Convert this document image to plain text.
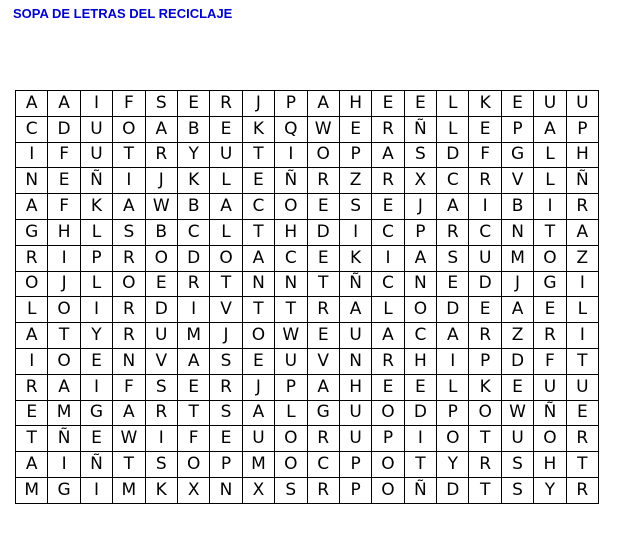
SOPA DE LETRAS DEL RECICLAJE
A	A	I	F	S	E	R	J	P	A	H	E	E	L	K	E	U	U
C	D	U	O	A	B	E	K	Q	W	E	R	Ñ	L	E	P	A	P
I	F	U	T	R	Y	U	T	I	O	P	A	S	D	F	G	L	H
N	E	Ñ	I	J	K	L	E	Ñ	R	Z	R	X	C	R	V	L	Ñ
A	F	K	A	W	B	A	C	O	E	S	E	J	A	I	B	I	R
G	H	L	S	B	C	L	T	H	D	I	C	P	R	C	N	T	A
R	I	P	R	O	D	O	A	C	E	K	I	A	S	U	M	O	Z
O	J	L	O	E	R	T	N	N	T	Ñ	C	N	E	D	J	G	I
L	O	I	R	D	I	V	T	T	R	A	L	O	D	E	A	E	L
A	T	Y	R	U	M	J	O	W	E	U	A	C	A	R	Z	R	I
I	O	E	N	V	A	S	E	U	V	N	R	H	I	P	D	F	T
R	A	I	F	S	E	R	J	P	A	H	E	E	L	K	E	U	U
E	M	G	A	R	T	S	A	L	G	U	O	D	P	O	W	Ñ	E
T	Ñ	E	W	I	F	E	U	O	R	U	P	I	O	T	U	O	R
A	I	Ñ	T	S	O	P	M	O	C	P	O	T	Y	R	S	H	T
M	G	I	M	K	X	N	X	S	R	P	O	Ñ	D	T	S	Y	R
